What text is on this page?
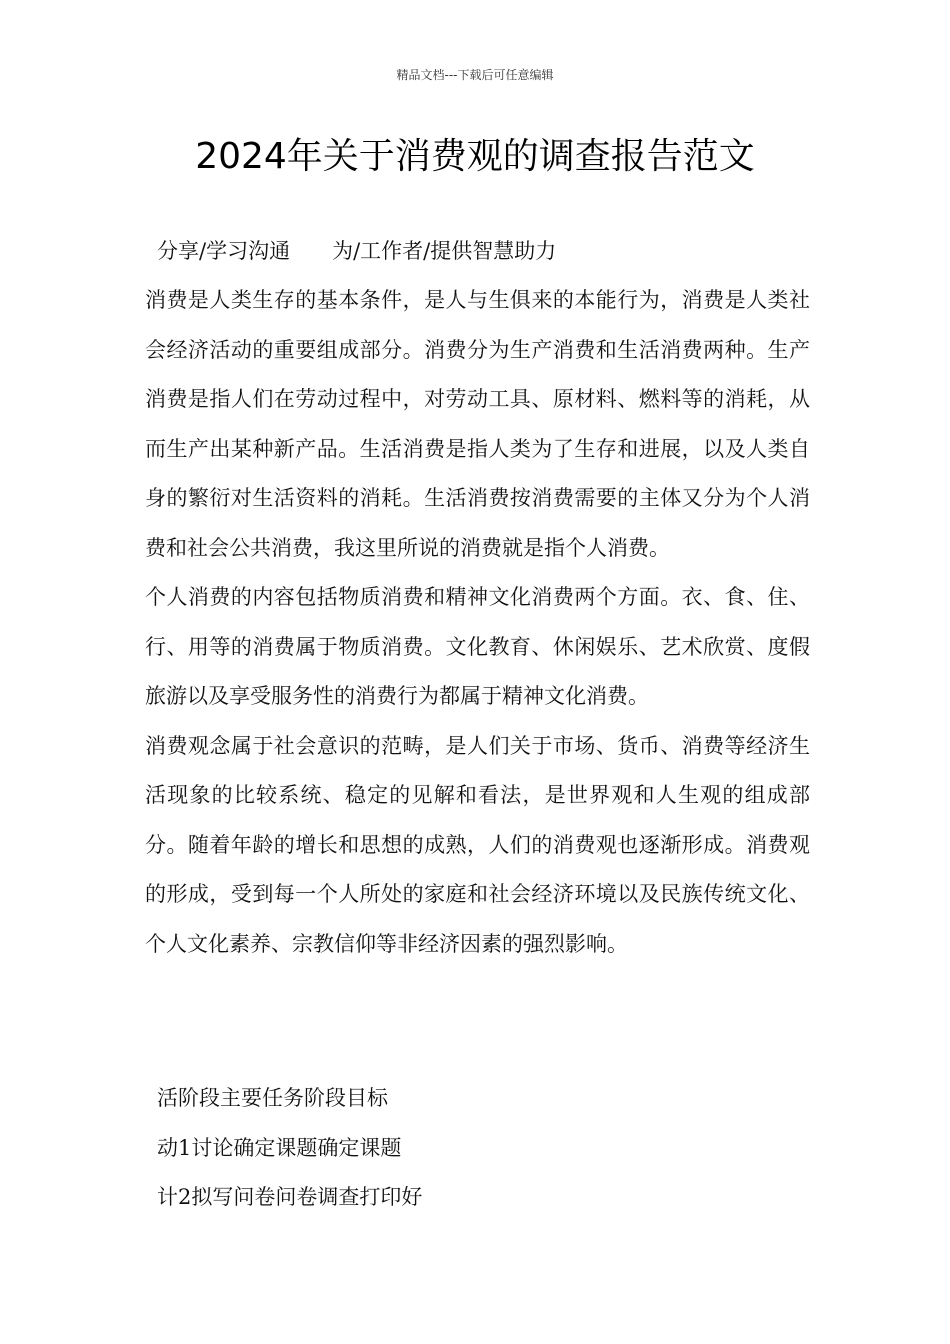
精品文档---下载后可任意编辑
2024年关于消费观的调查报告范文
分享/学习沟通　　为/工作者/提供智慧助力

消费是人类生存的基本条件，是人与生俱来的本能行为，消费是人类社会经济活动的重要组成部分。消费分为生产消费和生活消费两种。生产消费是指人们在劳动过程中，对劳动工具、原材料、燃料等的消耗，从而生产出某种新产品。生活消费是指人类为了生存和进展，以及人类自身的繁衍对生活资料的消耗。生活消费按消费需要的主体又分为个人消费和社会公共消费，我这里所说的消费就是指个人消费。

个人消费的内容包括物质消费和精神文化消费两个方面。衣、食、住、行、用等的消费属于物质消费。文化教育、休闲娱乐、艺术欣赏、度假旅游以及享受服务性的消费行为都属于精神文化消费。

消费观念属于社会意识的范畴，是人们关于市场、货币、消费等经济生活现象的比较系统、稳定的见解和看法，是世界观和人生观的组成部分。随着年龄的增长和思想的成熟，人们的消费观也逐渐形成。消费观的形成，受到每一个人所处的家庭和社会经济环境以及民族传统文化、个人文化素养、宗教信仰等非经济因素的强烈影响。

活阶段主要任务阶段目标

动1讨论确定课题确定课题

计2拟写问卷问卷调查打印好
